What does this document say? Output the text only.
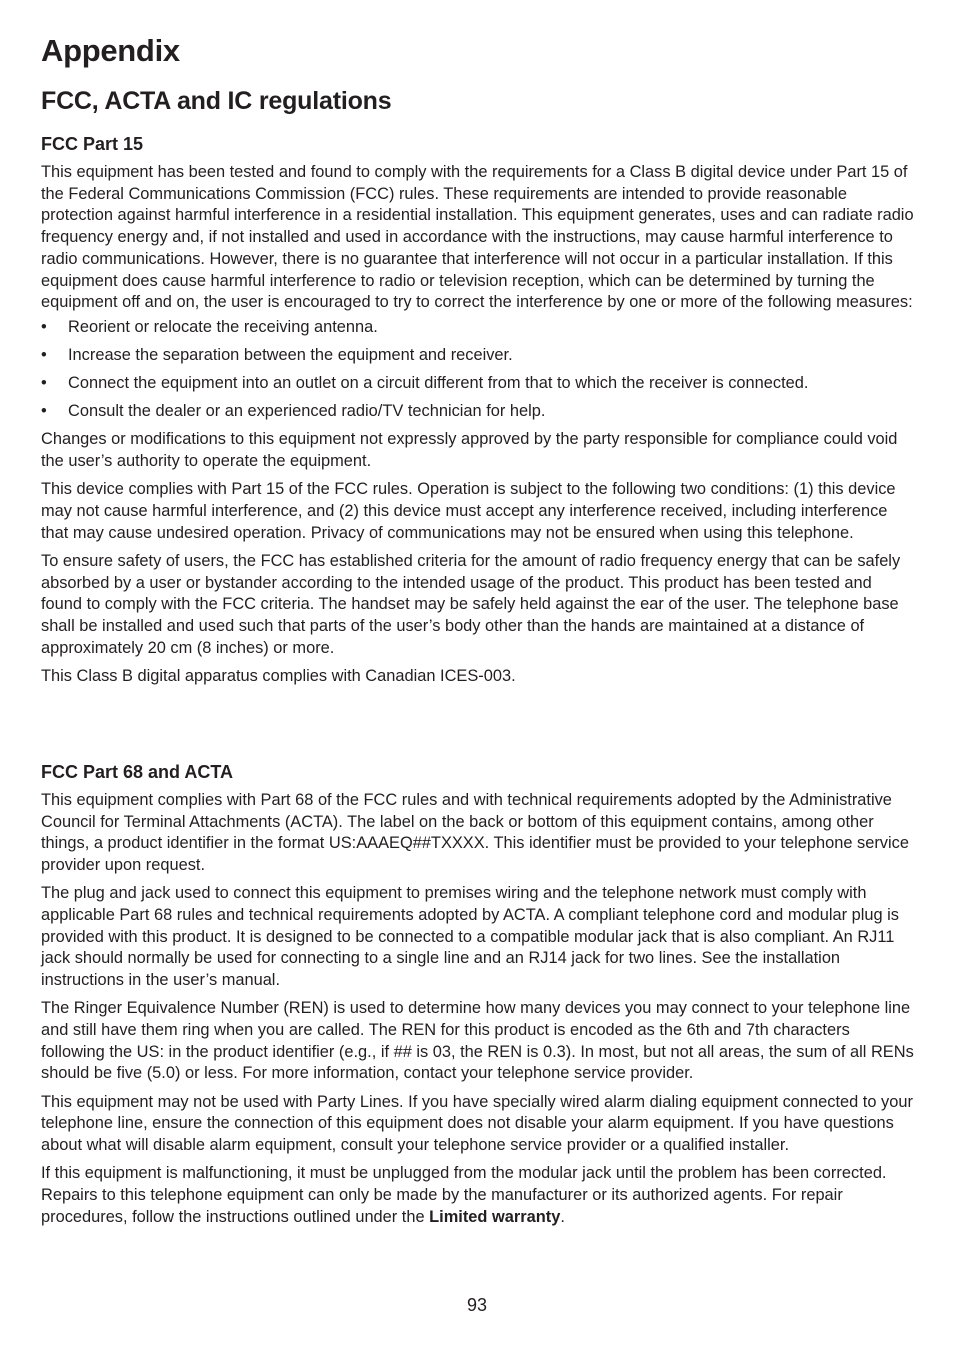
Appendix
FCC, ACTA and IC regulations
FCC Part 15

This equipment has been tested and found to comply with the requirements for a Class B digital device under Part 15 of the Federal Communications Commission (FCC) rules. These requirements are intended to provide reasonable protection against harmful interference in a residential installation. This equipment generates, uses and can radiate radio frequency energy and, if not installed and used in accordance with the instructions, may cause harmful interference to radio communications. However, there is no guarantee that interference will not occur in a particular installation. If this equipment does cause harmful interference to radio or television reception, which can be determined by turning the equipment off and on, the user is encouraged to try to correct the interference by one or more of the following measures:

• Reorient or relocate the receiving antenna.
• Increase the separation between the equipment and receiver.
• Connect the equipment into an outlet on a circuit different from that to which the receiver is connected.
• Consult the dealer or an experienced radio/TV technician for help.

Changes or modifications to this equipment not expressly approved by the party responsible for compliance could void the user’s authority to operate the equipment.

This device complies with Part 15 of the FCC rules. Operation is subject to the following two conditions: (1) this device may not cause harmful interference, and (2) this device must accept any interference received, including interference that may cause undesired operation. Privacy of communications may not be ensured when using this telephone.

To ensure safety of users, the FCC has established criteria for the amount of radio frequency energy that can be safely absorbed by a user or bystander according to the intended usage of the product. This product has been tested and found to comply with the FCC criteria. The handset may be safely held against the ear of the user. The telephone base shall be installed and used such that parts of the user’s body other than the hands are maintained at a distance of approximately 20 cm (8 inches) or more.

This Class B digital apparatus complies with Canadian ICES-003.

FCC Part 68 and ACTA

This equipment complies with Part 68 of the FCC rules and with technical requirements adopted by the Administrative Council for Terminal Attachments (ACTA). The label on the back or bottom of this equipment contains, among other things, a product identifier in the format US:AAAEQ##TXXXX. This identifier must be provided to your telephone service provider upon request.

The plug and jack used to connect this equipment to premises wiring and the telephone network must comply with applicable Part 68 rules and technical requirements adopted by ACTA. A compliant telephone cord and modular plug is provided with this product. It is designed to be connected to a compatible modular jack that is also compliant. An RJ11 jack should normally be used for connecting to a single line and an RJ14 jack for two lines. See the installation instructions in the user’s manual.

The Ringer Equivalence Number (REN) is used to determine how many devices you may connect to your telephone line and still have them ring when you are called. The REN for this product is encoded as the 6th and 7th characters following the US: in the product identifier (e.g., if ## is 03, the REN is 0.3). In most, but not all areas, the sum of all RENs should be five (5.0) or less. For more information, contact your telephone service provider.

This equipment may not be used with Party Lines. If you have specially wired alarm dialing equipment connected to your telephone line, ensure the connection of this equipment does not disable your alarm equipment. If you have questions about what will disable alarm equipment, consult your telephone service provider or a qualified installer.

If this equipment is malfunctioning, it must be unplugged from the modular jack until the problem has been corrected. Repairs to this telephone equipment can only be made by the manufacturer or its authorized agents. For repair procedures, follow the instructions outlined under the Limited warranty.

93
